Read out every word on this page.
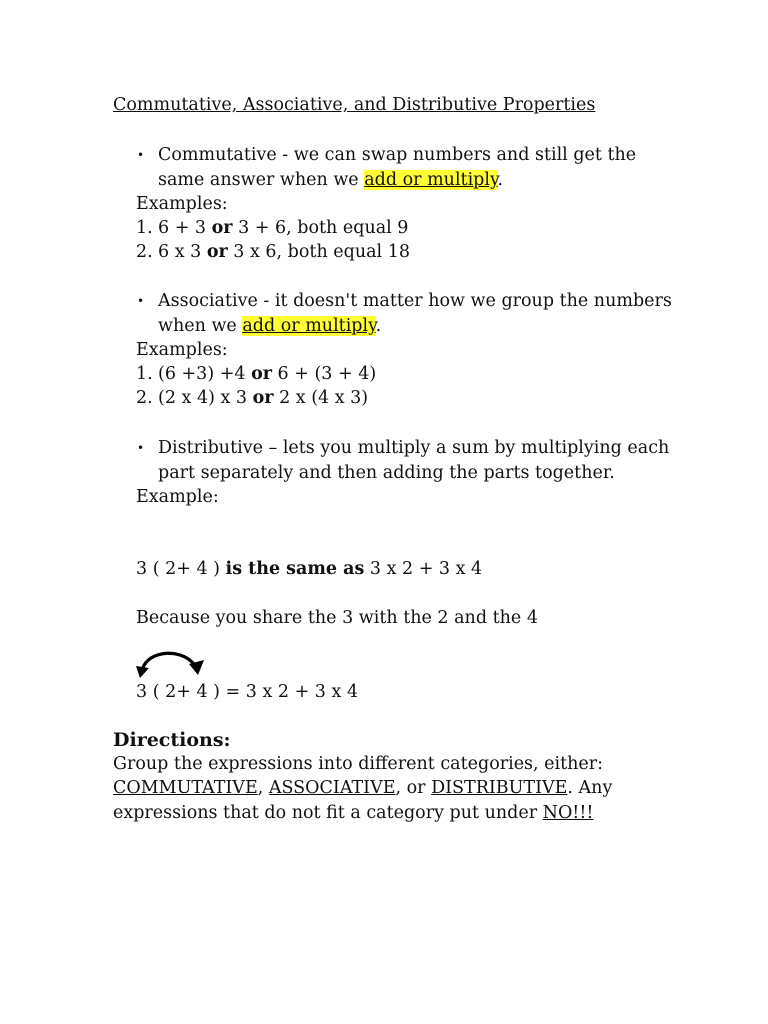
Commutative, Associative, and Distributive Properties
• Commutative - we can swap numbers and still get the
same answer when we add or multiply.
Examples:
1. 6 + 3 or 3 + 6, both equal 9
2. 6 x 3 or 3 x 6, both equal 18
• Associative - it doesn't matter how we group the numbers
when we add or multiply.
Examples:
1. (6 +3) +4 or 6 + (3 + 4)
2. (2 x 4) x 3 or 2 x (4 x 3)
• Distributive – lets you multiply a sum by multiplying each
part separately and then adding the parts together.
Example:
3 ( 2+ 4 ) is the same as 3 x 2 + 3 x 4
Because you share the 3 with the 2 and the 4
3 ( 2+ 4 ) = 3 x 2 + 3 x 4
Directions:
Group the expressions into different categories, either:
COMMUTATIVE, ASSOCIATIVE, or DISTRIBUTIVE. Any
expressions that do not fit a category put under NO!!!
